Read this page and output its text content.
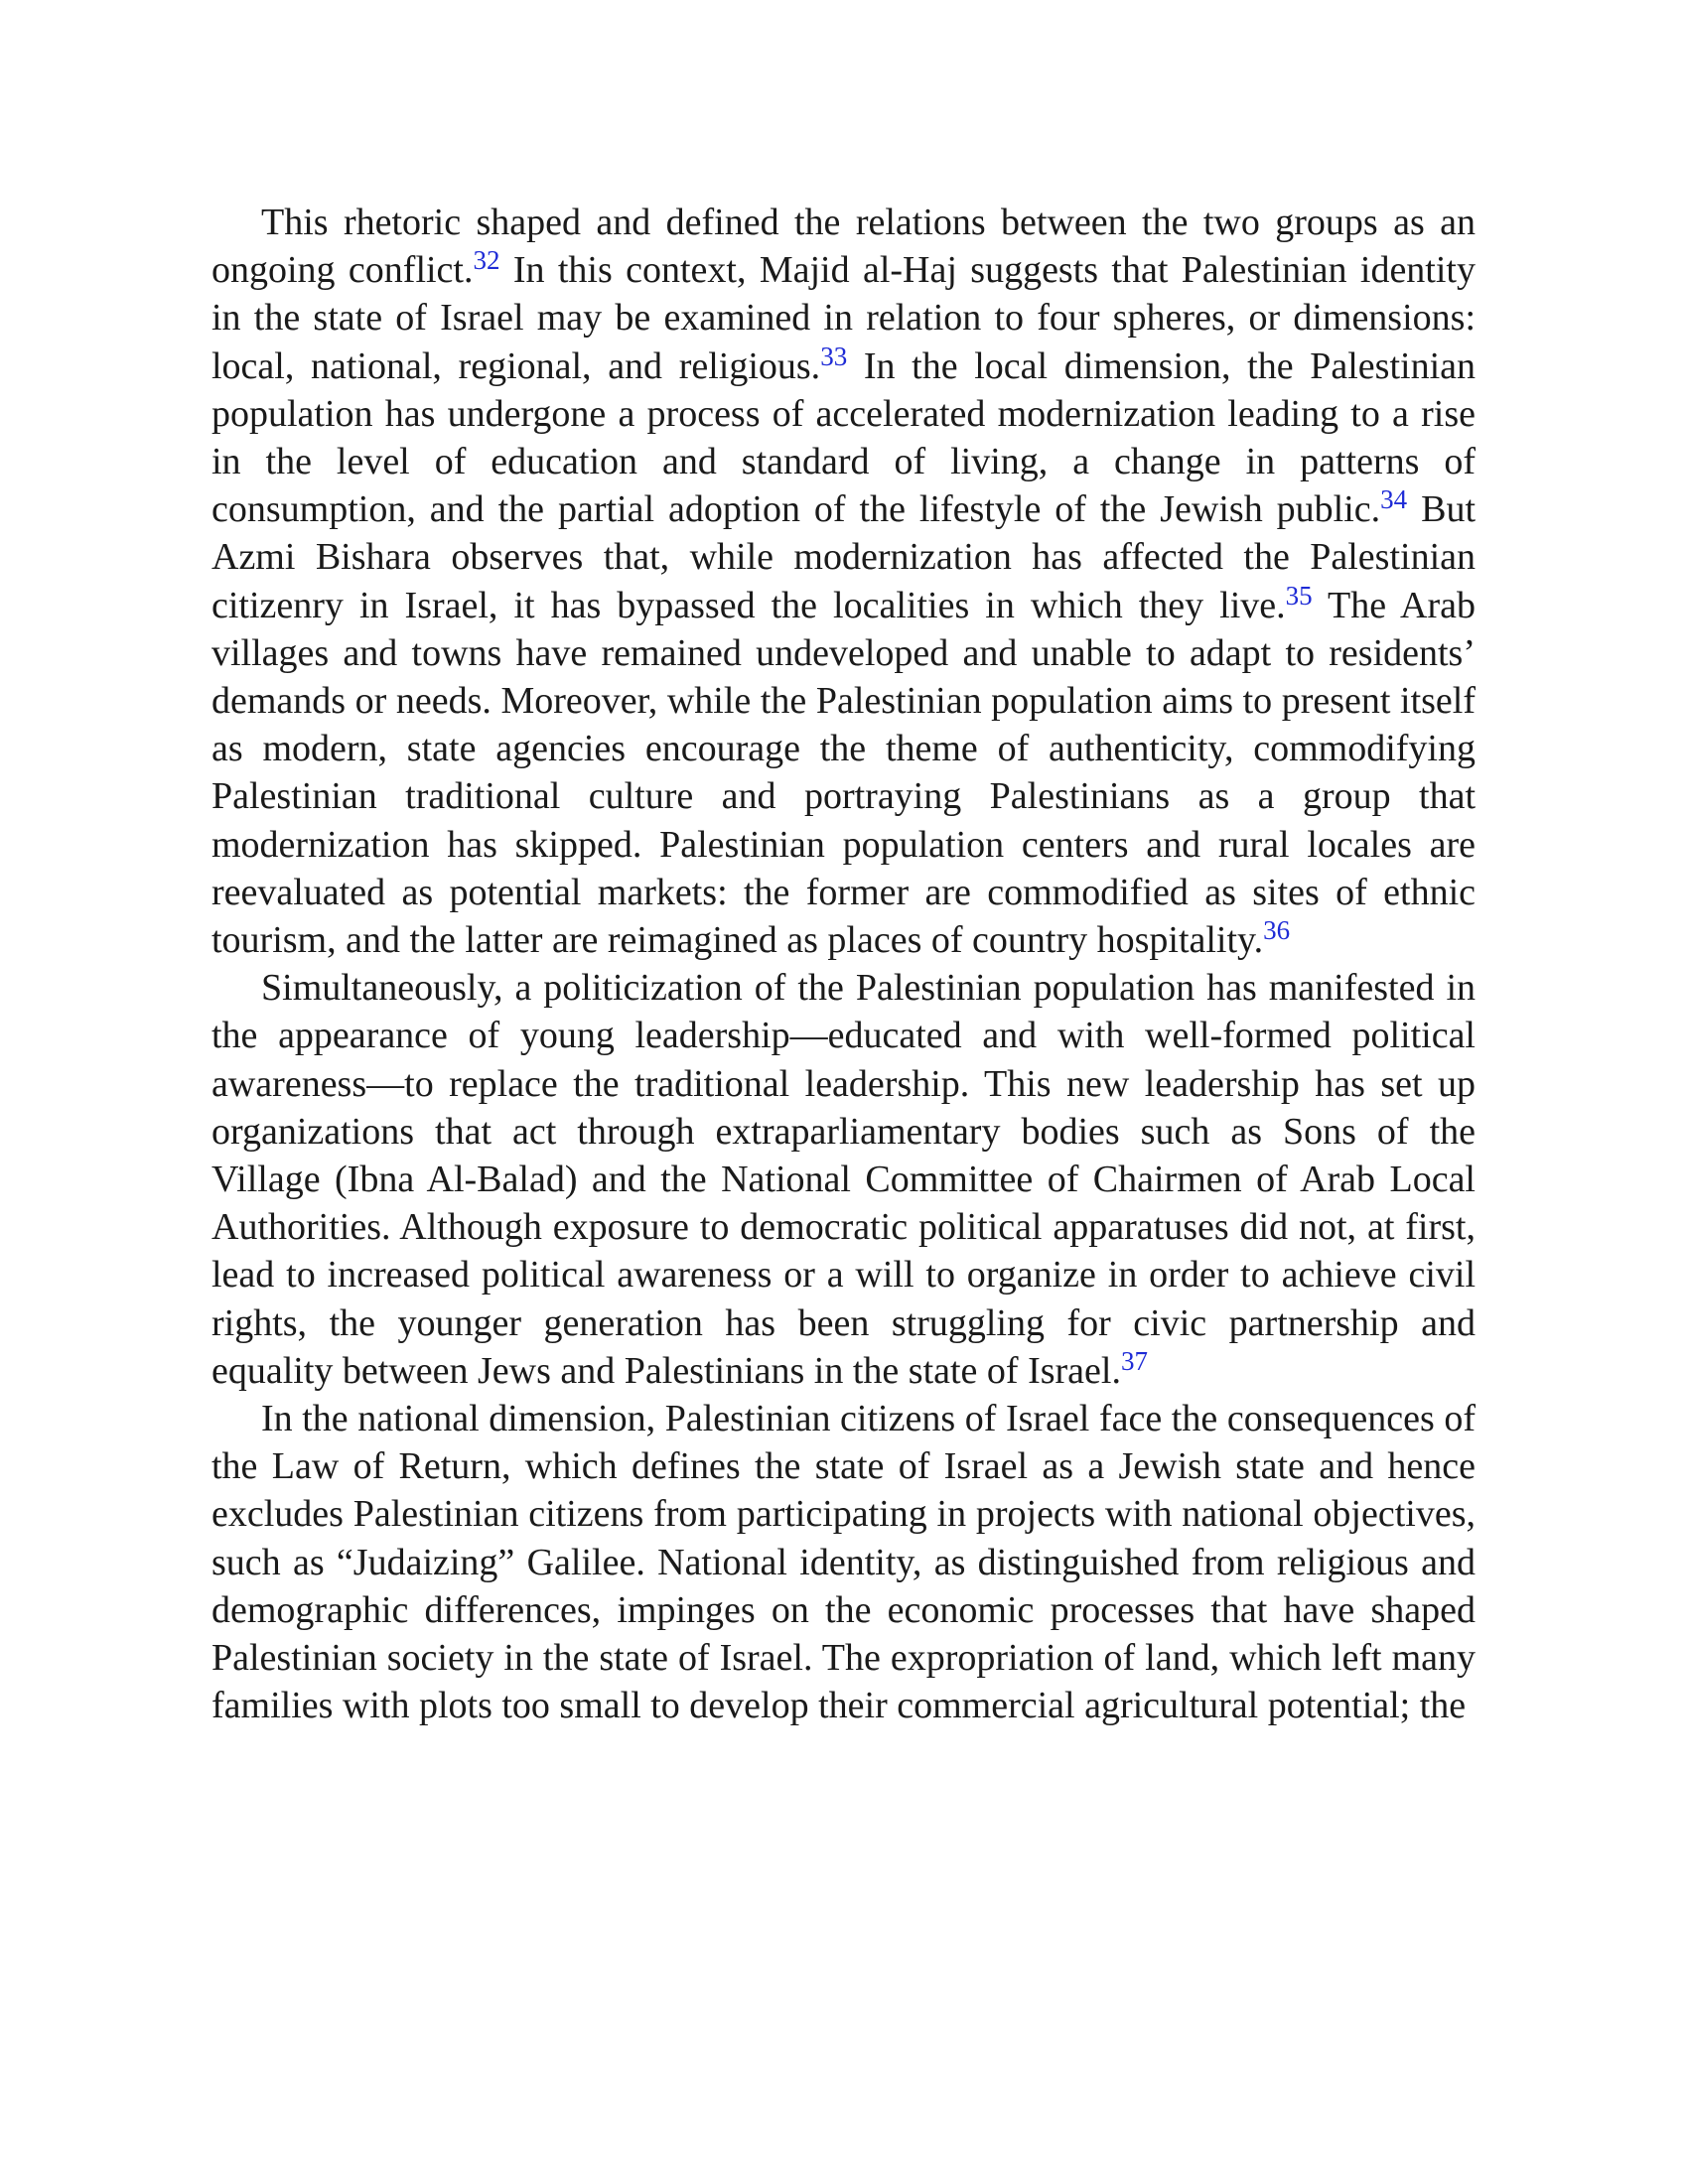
This rhetoric shaped and defined the relations between the two groups as an ongoing conflict.$^{32}$ In this context, Majid al-Haj suggests that Palestinian identity in the state of Israel may be examined in relation to four spheres, or dimensions: local, national, regional, and religious.$^{33}$ In the local dimension, the Palestinian population has undergone a process of accelerated modernization leading to a rise in the level of education and standard of living, a change in patterns of consumption, and the partial adoption of the lifestyle of the Jewish public.$^{34}$ But Azmi Bishara observes that, while modernization has affected the Palestinian citizenry in Israel, it has bypassed the localities in which they live.$^{35}$ The Arab villages and towns have remained undeveloped and unable to adapt to residents’ demands or needs. Moreover, while the Palestinian population aims to present itself as modern, state agencies encourage the theme of authenticity, commodifying Palestinian traditional culture and portraying Palestinians as a group that modernization has skipped. Palestinian population centers and rural locales are reevaluated as potential markets: the former are commodified as sites of ethnic tourism, and the latter are reimagined as places of country hospitality.$^{36}$

Simultaneously, a politicization of the Palestinian population has manifested in the appearance of young leadership—educated and with well-formed political awareness—to replace the traditional leadership. This new leadership has set up organizations that act through extraparliamentary bodies such as Sons of the Village (Ibna Al-Balad) and the National Committee of Chairmen of Arab Local Authorities. Although exposure to democratic political apparatuses did not, at first, lead to increased political awareness or a will to organize in order to achieve civil rights, the younger generation has been struggling for civic partnership and equality between Jews and Palestinians in the state of Israel.$^{37}$

In the national dimension, Palestinian citizens of Israel face the consequences of the Law of Return, which defines the state of Israel as a Jewish state and hence excludes Palestinian citizens from participating in projects with national objectives, such as “Judaizing” Galilee. National identity, as distinguished from religious and demographic differences, impinges on the economic processes that have shaped Palestinian society in the state of Israel. The expropriation of land, which left many families with plots too small to develop their commercial agricultural potential; the
